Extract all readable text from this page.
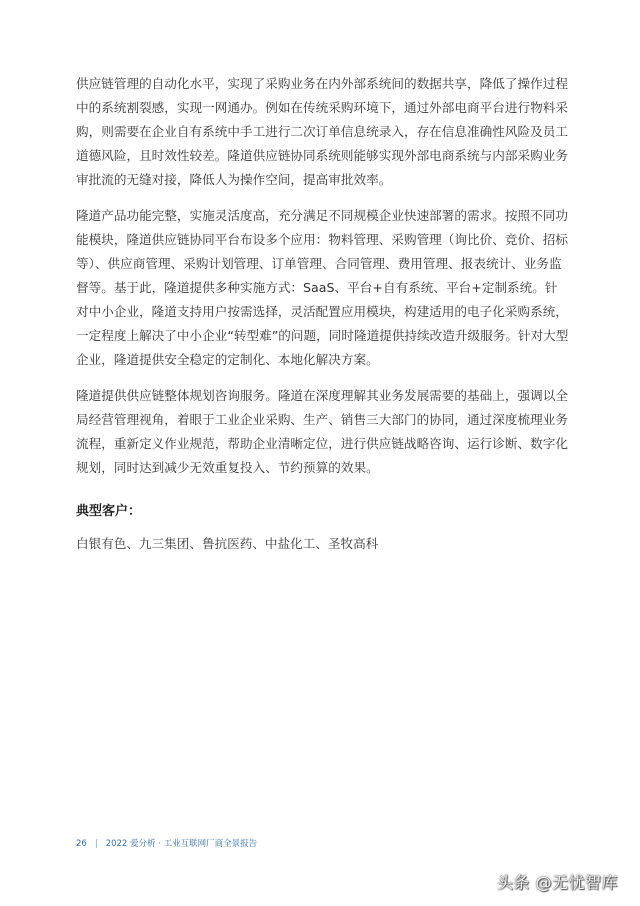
供应链管理的自动化水平，实现了采购业务在内外部系统间的数据共享，降低了操作过程中的系统割裂感，实现一网通办。例如在传统采购环境下，通过外部电商平台进行物料采购，则需要在企业自有系统中手工进行二次订单信息统录入，存在信息准确性风险及员工道德风险，且时效性较差。隆道供应链协同系统则能够实现外部电商系统与内部采购业务审批流的无缝对接，降低人为操作空间，提高审批效率。

隆道产品功能完整，实施灵活度高，充分满足不同规模企业快速部署的需求。按照不同功能模块，隆道供应链协同平台布设多个应用：物料管理、采购管理（询比价、竞价、招标等）、供应商管理、采购计划管理、订单管理、合同管理、费用管理、报表统计、业务监督等。基于此，隆道提供多种实施方式：SaaS、平台+自有系统、平台+定制系统。针对中小企业，隆道支持用户按需选择，灵活配置应用模块，构建适用的电子化采购系统，一定程度上解决了中小企业“转型难”的问题，同时隆道提供持续改造升级服务。针对大型企业，隆道提供安全稳定的定制化、本地化解决方案。

隆道提供供应链整体规划咨询服务。隆道在深度理解其业务发展需要的基础上，强调以全局经营管理视角，着眼于工业企业采购、生产、销售三大部门的协同，通过深度梳理业务流程，重新定义作业规范，帮助企业清晰定位，进行供应链战略咨询、运行诊断、数字化规划，同时达到减少无效重复投入、节约预算的效果。

典型客户：

白银有色、九三集团、鲁抗医药、中盐化工、圣牧高科

26 | 2022 爱分析 · 工业互联网厂商全景报告
头条 @无忧智库
